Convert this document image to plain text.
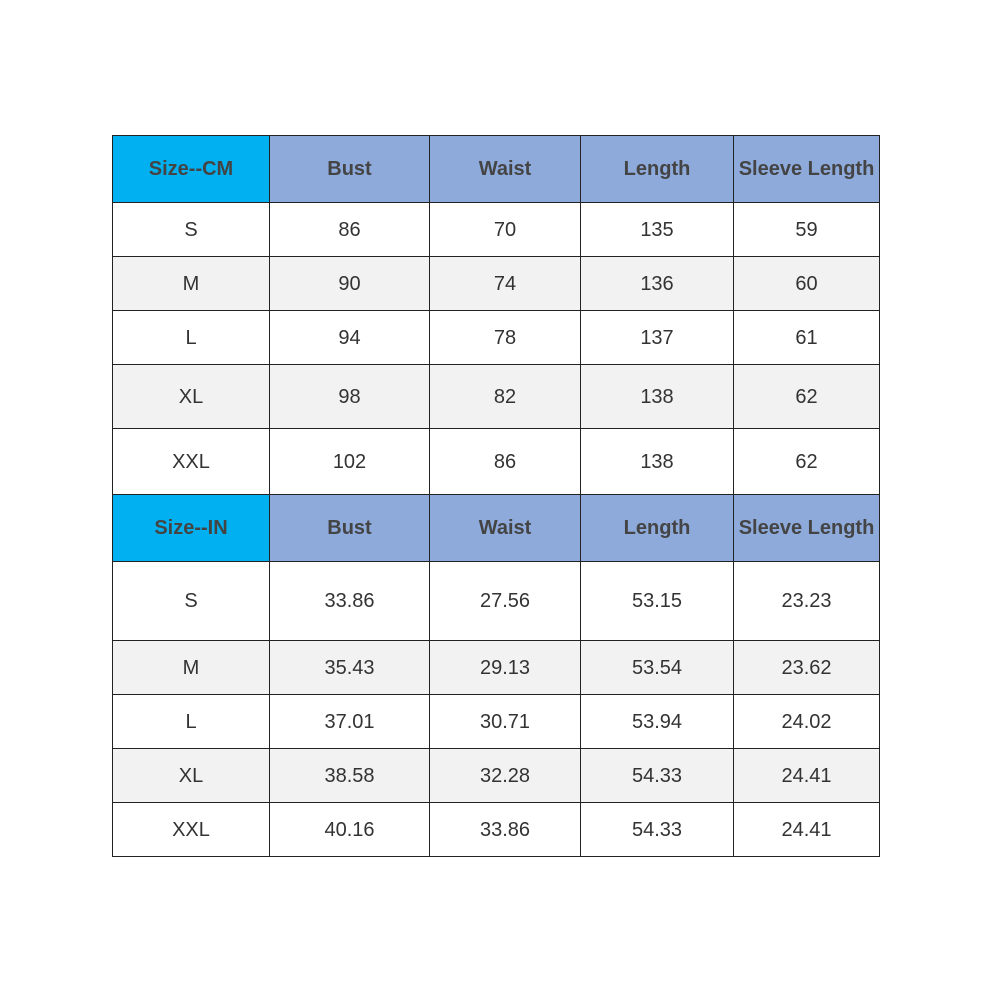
Size--CM	Bust	Waist	Length	Sleeve Length
S	86	70	135	59
M	90	74	136	60
L	94	78	137	61
XL	98	82	138	62
XXL	102	86	138	62
Size--IN	Bust	Waist	Length	Sleeve Length
S	33.86	27.56	53.15	23.23
M	35.43	29.13	53.54	23.62
L	37.01	30.71	53.94	24.02
XL	38.58	32.28	54.33	24.41
XXL	40.16	33.86	54.33	24.41
